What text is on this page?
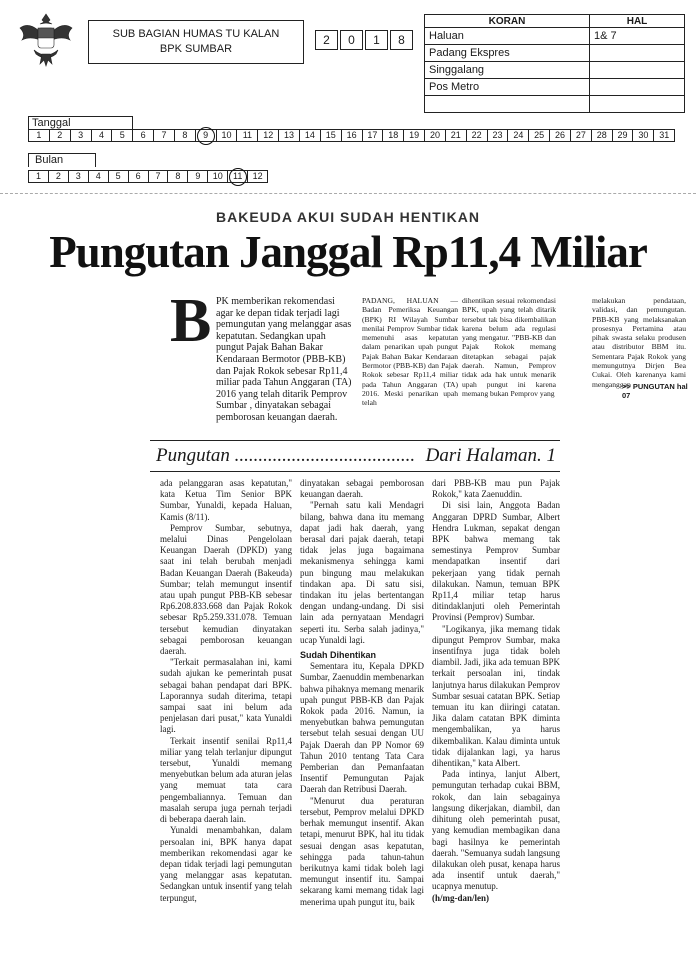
SUB BAGIAN HUMAS TU KALAN
BPK SUMBAR
2	0	1	8
KORAN	HAL
Haluan	1& 7
Padang Ekspres	
Singgalang	
Pos Metro	

Tanggal
1	2	3	4	5	6	7	8	9	10	11	12	13	14	15	16	17	18	19	20	21	22	23	24	25	26	27	28	29	30	31
Bulan
1	2	3	4	5	6	7	8	9	10	11	12
BAKEUDA AKUI SUDAH HENTIKAN
Pungutan Janggal Rp11,4 Miliar
B PK memberikan rekomendasi agar ke depan tidak terjadi lagi pemungutan yang melanggar asas kepatutan. Sedangkan upah pungut Pajak Bahan Bakar Kendaraan Bermotor (PBB-KB) dan Pajak Rokok sebesar Rp11,4 miliar pada Tahun Anggaran (TA) 2016 yang telah ditarik Pemprov Sumbar , dinyatakan sebagai pemborosan keuangan daerah.
PADANG, HALUAN — Badan Pemeriksa Keuangan (BPK) RI Wilayah Sumbar menilai Pemprov Sumbar tidak memenuhi asas kepatutan dalam penarikan upah pungut Pajak Bahan Bakar Kendaraan Bermotor (PBB-KB) dan Pajak Rokok sebesar Rp11,4 miliar pada Tahun Anggaran (TA) 2016. Meski penarikan upah telah
dihentikan sesuai rekomendasi BPK, upah yang telah ditarik tersebut tak bisa dikembalikan karena belum ada regulasi yang mengatur. "PBB-KB dan Pajak Rokok memang ditetapkan sebagai pajak daerah. Namun, Pemprov tidak ada hak untuk menarik upah pungut ini karena memang bukan Pemprov yang
melakukan pendataan, validasi, dan pemungutan. PBB-KB yang melaksanakan prosesnya Pertamina atau pihak swasta selaku produsen atau distributor BBM itu. Sementara Pajak Rokok yang memungutnya Dirjen Bea Cukai. Oleh karenanya kami menganggap
>> PUNGUTAN hal 07
Pungutan ...................................... Dari Halaman. 1

ada pelanggaran asas kepatutan," kata Ketua Tim Senior BPK Sumbar, Yunaldi, kepada Haluan, Kamis (8/11).

Pemprov Sumbar, sebutnya, melalui Dinas Pengelolaan Keuangan Daerah (DPKD) yang saat ini telah berubah menjadi Badan Keuangan Daerah (Bakeuda) Sumbar; telah memungut insentif atau upah pungut PBB-KB sebesar Rp6.208.833.668 dan Pajak Rokok sebesar Rp5.259.331.078. Temuan tersebut kemudian dinyatakan sebagai pemborosan keuangan daerah.

"Terkait permasalahan ini, kami sudah ajukan ke pemerintah pusat sebagai bahan pendapat dari BPK. Laporannya sudah diterima, tetapi sampai saat ini belum ada penjelasan dari pusat," kata Yunaldi lagi.

Terkait insentif senilai Rp11,4 miliar yang telah terlanjur dipungut tersebut, Yunaldi memang menyebutkan belum ada aturan jelas yang memuat tata cara pengembaliannya. Temuan dan masalah serupa juga pernah terjadi di beberapa daerah lain.

Yunaldi menambahkan, dalam persoalan ini, BPK hanya dapat memberikan rekomendasi agar ke depan tidak terjadi lagi pemungutan yang melanggar asas kepatutan. Sedangkan untuk insentif yang telah terpungut,

dinyatakan sebagai pemborosan keuangan daerah.

"Pernah satu kali Mendagri bilang, bahwa dana itu memang dapat jadi hak daerah, yang berasal dari pajak daerah, tetapi tidak jelas juga bagaimana mekanismenya sehingga kami pun bingung mau melakukan tindakan apa. Di satu sisi, tindakan itu jelas bertentangan dengan undang-undang. Di sisi lain ada pernyataan Mendagri seperti itu. Serba salah jadinya," ucap Yunaldi lagi.

Sudah Dihentikan

Sementara itu, Kepala DPKD Sumbar, Zaenuddin membenarkan bahwa pihaknya memang menarik upah pungut PBB-KB dan Pajak Rokok pada 2016. Namun, ia menyebutkan bahwa pemungutan tersebut telah sesuai dengan UU Pajak Daerah dan PP Nomor 69 Tahun 2010 tentang Tata Cara Pemberian dan Pemanfaatan Insentif Pemungutan Pajak Daerah dan Retribusi Daerah.

"Menurut dua peraturan tersebut, Pemprov melalui DPKD berhak memungut insentif. Akan tetapi, menurut BPK, hal itu tidak sesuai dengan asas kepatutan, sehingga pada tahun-tahun berikutnya kami tidak boleh lagi memungut insentif itu. Sampai sekarang kami memang tidak lagi menerima upah pungut itu, baik

dari PBB-KB mau pun Pajak Rokok," kata Zaenuddin.

Di sisi lain, Anggota Badan Anggaran DPRD Sumbar, Albert Hendra Lukman, sepakat dengan BPK bahwa memang tak semestinya Pemprov Sumbar mendapatkan insentif dari pekerjaan yang tidak pernah dilakukan. Namun, temuan BPK Rp11,4 miliar tetap harus ditindaklanjuti oleh Pemerintah Provinsi (Pemprov) Sumbar.

"Logikanya, jika memang tidak dipungut Pemprov Sumbar, maka insentifnya juga tidak boleh diambil. Jadi, jika ada temuan BPK terkait persoalan ini, tindak lanjutnya harus dilakukan Pemprov Sumbar sesuai catatan BPK. Setiap temuan itu kan diiringi catatan. Jika dalam catatan BPK diminta mengembalikan, ya harus dikembalikan. Kalau diminta untuk tidak dijalankan lagi, ya harus dihentikan," kata Albert.

Pada intinya, lanjut Albert, pemungutan terhadap cukai BBM, rokok, dan lain sebagainya langsung dikerjakan, diambil, dan dihitung oleh pemerintah pusat, yang kemudian membagikan dana bagi hasilnya ke pemerintah daerah. "Semuanya sudah langsung dilakukan oleh pusat, kenapa harus ada insentif untuk daerah," ucapnya menutup.

(h/mg-dan/len)
